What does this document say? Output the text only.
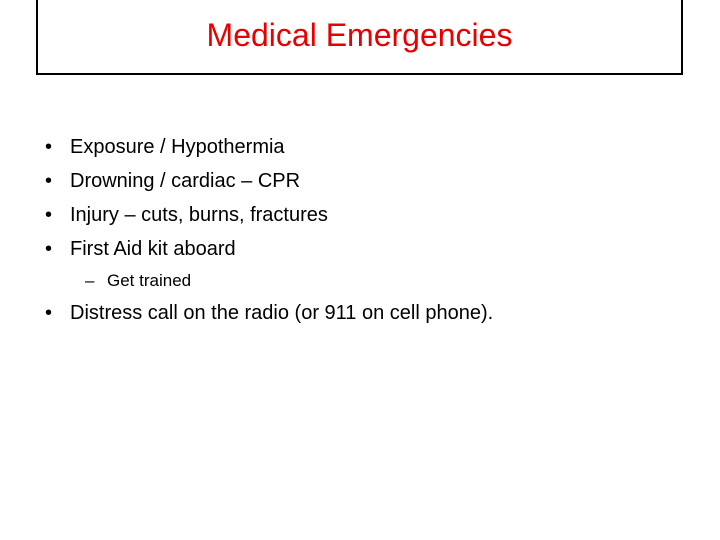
Medical Emergencies
• Exposure / Hypothermia
• Drowning / cardiac – CPR
• Injury – cuts, burns, fractures
• First Aid kit aboard
– Get trained
• Distress call on the radio (or 911 on cell phone).
